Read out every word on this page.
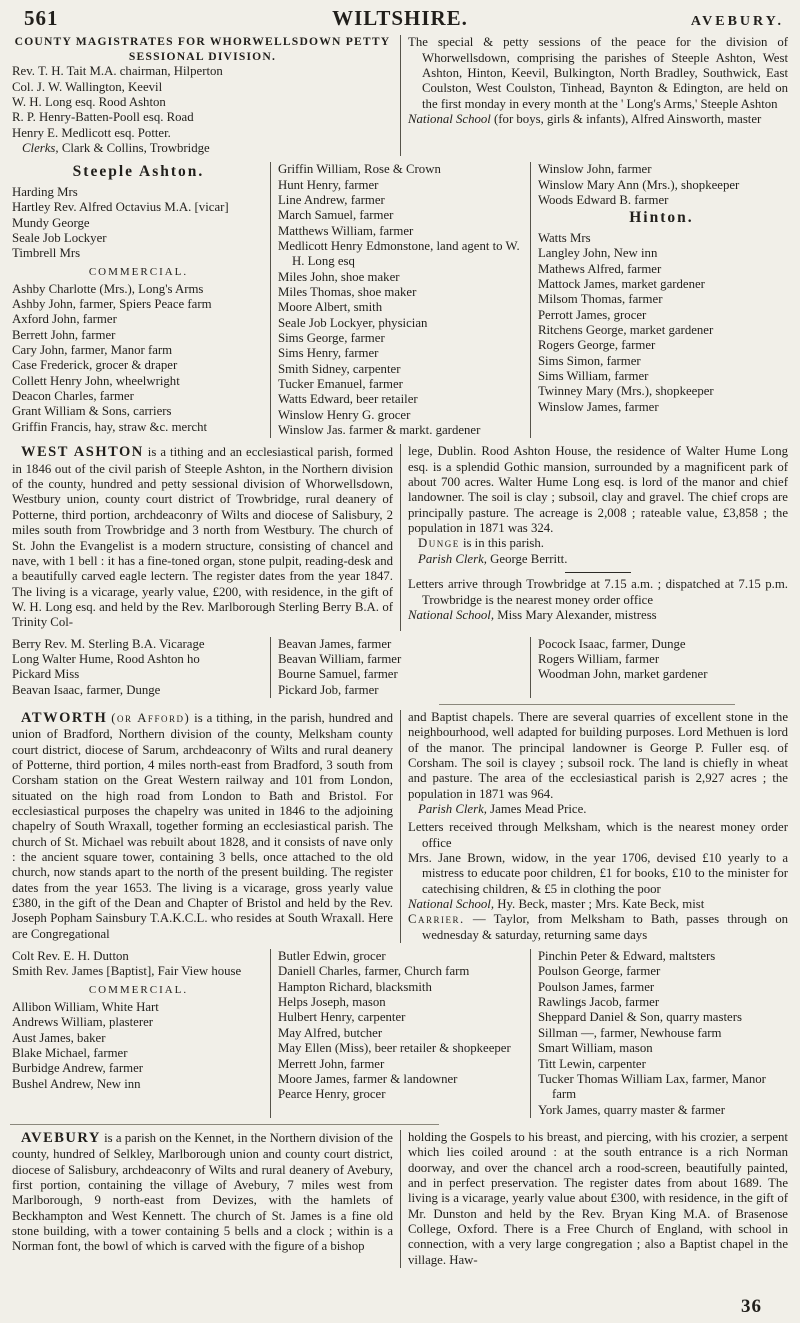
561	WILTSHIRE.	AVEBURY.
COUNTY MAGISTRATES FOR WHORWELLSDOWN PETTY
SESSIONAL DIVISION.
Rev. T. H. Tait M.A. chairman, Hilperton
Col. J. W. Wallington, Keevil
W. H. Long esq. Rood Ashton
R. P. Henry-Batten-Pooll esq. Road
Henry E. Medlicott esq. Potter.
Clerks, Clark & Collins, Trowbridge

The special & petty sessions of the peace for the division of Whorwellsdown, comprising the parishes of Steeple Ashton, West Ashton, Hinton, Keevil, Bulkington, North Bradley, Southwick, East Coulston, West Coulston, Tinhead, Baynton & Edington, are held on the first monday in every month at the ' Long's Arms,' Steeple Ashton

National School (for boys, girls & infants), Alfred Ainsworth, master
Steeple Ashton.
Harding Mrs
Hartley Rev. Alfred Octavius M.A. [vicar]
Mundy George
Seale Job Lockyer
Timbrell Mrs
COMMERCIAL.
Ashby Charlotte (Mrs.), Long's Arms
Ashby John, farmer, Spiers Peace farm
Axford John, farmer
Berrett John, farmer
Cary John, farmer, Manor farm
Case Frederick, grocer & draper
Collett Henry John, wheelwright
Deacon Charles, farmer
Grant William & Sons, carriers
Griffin Francis, hay, straw &c. mercht
Griffin William, Rose & Crown
Hunt Henry, farmer
Line Andrew, farmer
March Samuel, farmer
Matthews William, farmer
Medlicott Henry Edmonstone, land agent to W. H. Long esq
Miles John, shoe maker
Miles Thomas, shoe maker
Moore Albert, smith
Seale Job Lockyer, physician
Sims George, farmer
Sims Henry, farmer
Smith Sidney, carpenter
Tucker Emanuel, farmer
Watts Edward, beer retailer
Winslow Henry G. grocer
Winslow Jas. farmer & markt. gardener
Winslow John, farmer
Winslow Mary Ann (Mrs.), shopkeeper
Woods Edward B. farmer
Hinton.
Watts Mrs
Langley John, New inn
Mathews Alfred, farmer
Mattock James, market gardener
Milsom Thomas, farmer
Perrott James, grocer
Ritchens George, market gardener
Rogers George, farmer
Sims Simon, farmer
Sims William, farmer
Twinney Mary (Mrs.), shopkeeper
Winslow James, farmer

WEST ASHTON is a tithing and an ecclesiastical parish, formed in 1846 out of the civil parish of Steeple Ashton, in the Northern division of the county, hundred and petty sessional division of Whorwellsdown, Westbury union, county court district of Trowbridge, rural deanery of Potterne, third portion, archdeaconry of Wilts and diocese of Salisbury, 2 miles south from Trowbridge and 3 north from Westbury. The church of St. John the Evangelist is a modern structure, consisting of chancel and nave, with 1 bell : it has a fine-toned organ, stone pulpit, reading-desk and a beautifully carved eagle lectern. The register dates from the year 1847. The living is a vicarage, yearly value, £200, with residence, in the gift of W. H. Long esq. and held by the Rev. Marlborough Sterling Berry B.A. of Trinity Col-

lege, Dublin. Rood Ashton House, the residence of Walter Hume Long esq. is a splendid Gothic mansion, surrounded by a magnificent park of about 700 acres. Walter Hume Long esq. is lord of the manor and chief landowner. The soil is clay ; subsoil, clay and gravel. The chief crops are principally pasture. The acreage is 2,008 ; rateable value, £3,858 ; the population in 1871 was 324.

Dunge is in this parish.

Parish Clerk, George Berritt.

Letters arrive through Trowbridge at 7.15 a.m. ; dispatched at 7.15 p.m. Trowbridge is the nearest money order office

National School, Miss Mary Alexander, mistress

Berry Rev. M. Sterling B.A. Vicarage
Long Walter Hume, Rood Ashton ho
Pickard Miss
Beavan Isaac, farmer, Dunge
Beavan James, farmer
Beavan William, farmer
Bourne Samuel, farmer
Pickard Job, farmer
Pocock Isaac, farmer, Dunge
Rogers William, farmer
Woodman John, market gardener

ATWORTH (or Afford) is a tithing, in the parish, hundred and union of Bradford, Northern division of the county, Melksham county court district, diocese of Sarum, archdeaconry of Wilts and rural deanery of Potterne, third portion, 4 miles north-east from Bradford, 3 south from Corsham station on the Great Western railway and 101 from London, situated on the high road from London to Bath and Bristol. For ecclesiastical purposes the chapelry was united in 1846 to the adjoining chapelry of South Wraxall, together forming an ecclesiastical parish. The church of St. Michael was rebuilt about 1828, and it consists of nave only : the ancient square tower, containing 3 bells, once attached to the old church, now stands apart to the north of the present building. The register dates from the year 1653. The living is a vicarage, gross yearly value £380, in the gift of the Dean and Chapter of Bristol and held by the Rev. Joseph Popham Sainsbury T.A.K.C.L. who resides at South Wraxall. Here are Congregational

and Baptist chapels. There are several quarries of excellent stone in the neighbourhood, well adapted for building purposes. Lord Methuen is lord of the manor. The principal landowner is George P. Fuller esq. of Corsham. The soil is clayey ; subsoil rock. The land is chiefly in wheat and pasture. The area of the ecclesiastical parish is 2,927 acres ; the population in 1871 was 964.

Parish Clerk, James Mead Price.

Letters received through Melksham, which is the nearest money order office

Mrs. Jane Brown, widow, in the year 1706, devised £10 yearly to a mistress to educate poor children, £1 for books, £10 to the minister for catechising children, & £5 in clothing the poor

National School, Hy. Beck, master ; Mrs. Kate Beck, mist

Carrier. — Taylor, from Melksham to Bath, passes through on wednesday & saturday, returning same days

Colt Rev. E. H. Dutton
Smith Rev. James [Baptist], Fair View house
COMMERCIAL.
Allibon William, White Hart
Andrews William, plasterer
Aust James, baker
Blake Michael, farmer
Burbidge Andrew, farmer
Bushel Andrew, New inn
Butler Edwin, grocer
Daniell Charles, farmer, Church farm
Hampton Richard, blacksmith
Helps Joseph, mason
Hulbert Henry, carpenter
May Alfred, butcher
May Ellen (Miss), beer retailer & shopkeeper
Merrett John, farmer
Moore James, farmer & landowner
Pearce Henry, grocer
Pinchin Peter & Edward, maltsters
Poulson George, farmer
Poulson James, farmer
Rawlings Jacob, farmer
Sheppard Daniel & Son, quarry masters
Sillman —, farmer, Newhouse farm
Smart William, mason
Titt Lewin, carpenter
Tucker Thomas William Lax, farmer, Manor farm
York James, quarry master & farmer

AVEBURY is a parish on the Kennet, in the Northern division of the county, hundred of Selkley, Marlborough union and county court district, diocese of Salisbury, archdeaconry of Wilts and rural deanery of Avebury, first portion, containing the village of Avebury, 7 miles west from Marlborough, 9 north-east from Devizes, with the hamlets of Beckhampton and West Kennett. The church of St. James is a fine old stone building, with a tower containing 5 bells and a clock ; within is a Norman font, the bowl of which is carved with the figure of a bishop

holding the Gospels to his breast, and piercing, with his crozier, a serpent which lies coiled around : at the south entrance is a rich Norman doorway, and over the chancel arch a rood-screen, beautifully painted, and in perfect preservation. The register dates from about 1689. The living is a vicarage, yearly value about £300, with residence, in the gift of Mr. Dunston and held by the Rev. Bryan King M.A. of Brasenose College, Oxford. There is a Free Church of England, with school in connection, with a very large congregation ; also a Baptist chapel in the village. Haw-

36
